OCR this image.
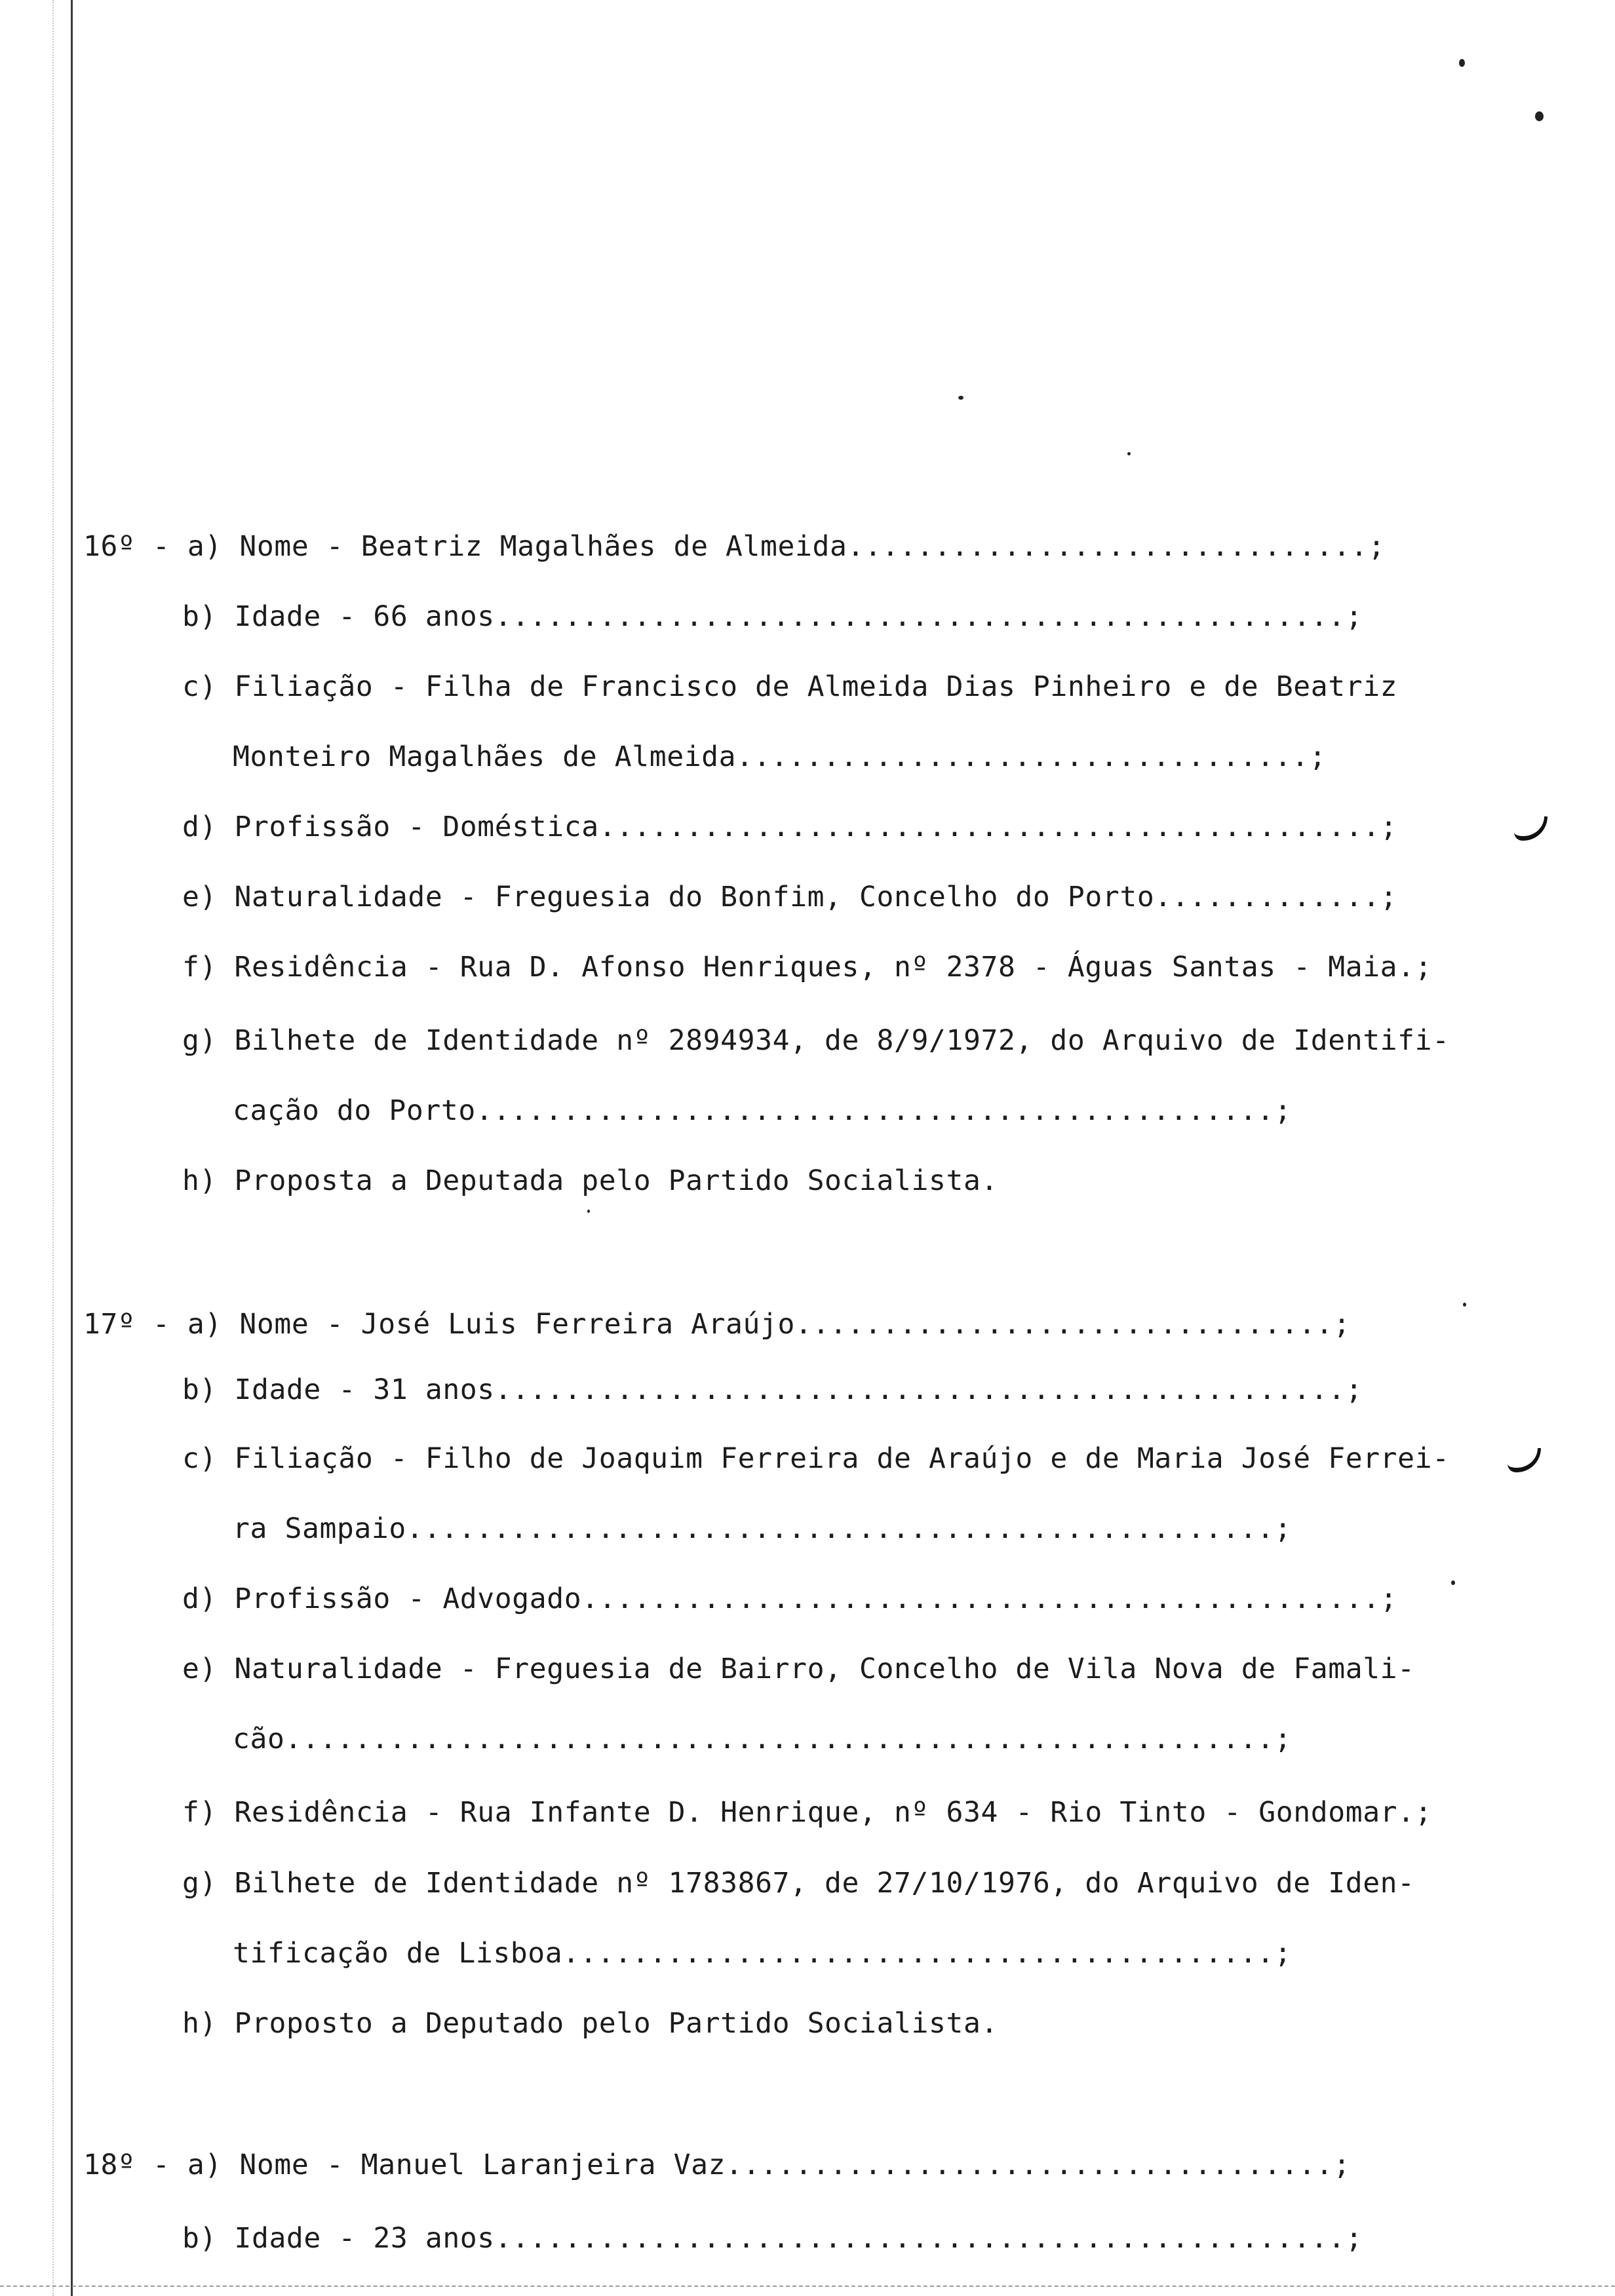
16º - a) Nome - Beatriz Magalhães de Almeida..............................;

b) Idade - 66 anos.................................................;

c) Filiação - Filha de Francisco de Almeida Dias Pinheiro e de Beatriz

Monteiro Magalhães de Almeida.................................;

d) Profissão - Doméstica.............................................;

e) Naturalidade - Freguesia do Bonfim, Concelho do Porto.............;

f) Residência - Rua D. Afonso Henriques, nº 2378 - Águas Santas - Maia.;

g) Bilhete de Identidade nº 2894934, de 8/9/1972, do Arquivo de Identifi-

cação do Porto..............................................;

h) Proposta a Deputada pelo Partido Socialista.

17º - a) Nome - José Luis Ferreira Araújo...............................;

b) Idade - 31 anos.................................................;

c) Filiação - Filho de Joaquim Ferreira de Araújo e de Maria José Ferrei-

ra Sampaio..................................................;

d) Profissão - Advogado..............................................;

e) Naturalidade - Freguesia de Bairro, Concelho de Vila Nova de Famali-

cão.........................................................;

f) Residência - Rua Infante D. Henrique, nº 634 - Rio Tinto - Gondomar.;

g) Bilhete de Identidade nº 1783867, de 27/10/1976, do Arquivo de Iden-

tificação de Lisboa.........................................;

h) Proposto a Deputado pelo Partido Socialista.

18º - a) Nome - Manuel Laranjeira Vaz...................................;

b) Idade - 23 anos.................................................;
